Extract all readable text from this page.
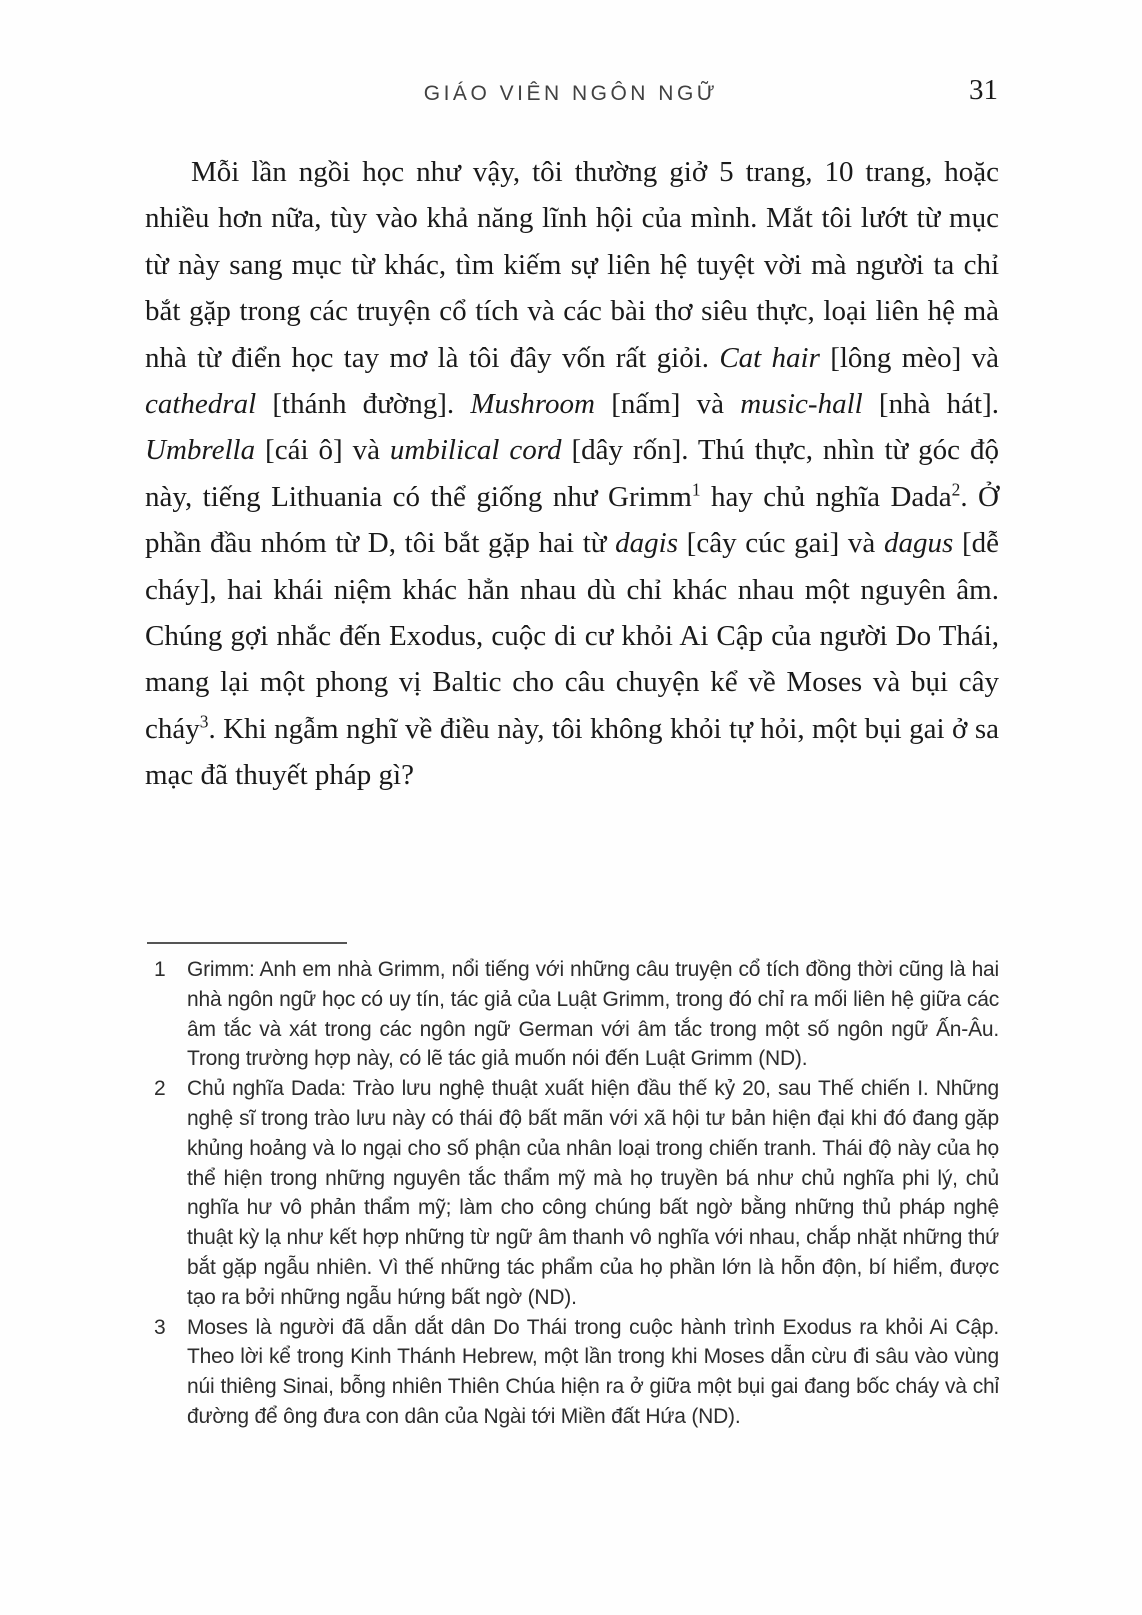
GIÁO VIÊN NGÔN NGỮ	31

Mỗi lần ngồi học như vậy, tôi thường giở 5 trang, 10 trang, hoặc nhiều hơn nữa, tùy vào khả năng lĩnh hội của mình. Mắt tôi lướt từ mục từ này sang mục từ khác, tìm kiếm sự liên hệ tuyệt vời mà người ta chỉ bắt gặp trong các truyện cổ tích và các bài thơ siêu thực, loại liên hệ mà nhà từ điển học tay mơ là tôi đây vốn rất giỏi. Cat hair [lông mèo] và cathedral [thánh đường]. Mushroom [nấm] và music-hall [nhà hát]. Umbrella [cái ô] và umbilical cord [dây rốn]. Thú thực, nhìn từ góc độ này, tiếng Lithuania có thể giống như Grimm$^1$ hay chủ nghĩa Dada$^2$. Ở phần đầu nhóm từ D, tôi bắt gặp hai từ dagis [cây cúc gai] và dagus [dễ cháy], hai khái niệm khác hẳn nhau dù chỉ khác nhau một nguyên âm. Chúng gợi nhắc đến Exodus, cuộc di cư khỏi Ai Cập của người Do Thái, mang lại một phong vị Baltic cho câu chuyện kể về Moses và bụi cây cháy$^3$. Khi ngẫm nghĩ về điều này, tôi không khỏi tự hỏi, một bụi gai ở sa mạc đã thuyết pháp gì?

1	Grimm: Anh em nhà Grimm, nổi tiếng với những câu truyện cổ tích đồng thời cũng là hai nhà ngôn ngữ học có uy tín, tác giả của Luật Grimm, trong đó chỉ ra mối liên hệ giữa các âm tắc và xát trong các ngôn ngữ German với âm tắc trong một số ngôn ngữ Ấn-Âu. Trong trường hợp này, có lẽ tác giả muốn nói đến Luật Grimm (ND).
2	Chủ nghĩa Dada: Trào lưu nghệ thuật xuất hiện đầu thế kỷ 20, sau Thế chiến I. Những nghệ sĩ trong trào lưu này có thái độ bất mãn với xã hội tư bản hiện đại khi đó đang gặp khủng hoảng và lo ngại cho số phận của nhân loại trong chiến tranh. Thái độ này của họ thể hiện trong những nguyên tắc thẩm mỹ mà họ truyền bá như chủ nghĩa phi lý, chủ nghĩa hư vô phản thẩm mỹ; làm cho công chúng bất ngờ bằng những thủ pháp nghệ thuật kỳ lạ như kết hợp những từ ngữ âm thanh vô nghĩa với nhau, chắp nhặt những thứ bắt gặp ngẫu nhiên. Vì thế những tác phẩm của họ phần lớn là hỗn độn, bí hiểm, được tạo ra bởi những ngẫu hứng bất ngờ (ND).
3	Moses là người đã dẫn dắt dân Do Thái trong cuộc hành trình Exodus ra khỏi Ai Cập. Theo lời kể trong Kinh Thánh Hebrew, một lần trong khi Moses dẫn cừu đi sâu vào vùng núi thiêng Sinai, bỗng nhiên Thiên Chúa hiện ra ở giữa một bụi gai đang bốc cháy và chỉ đường để ông đưa con dân của Ngài tới Miền đất Hứa (ND).
